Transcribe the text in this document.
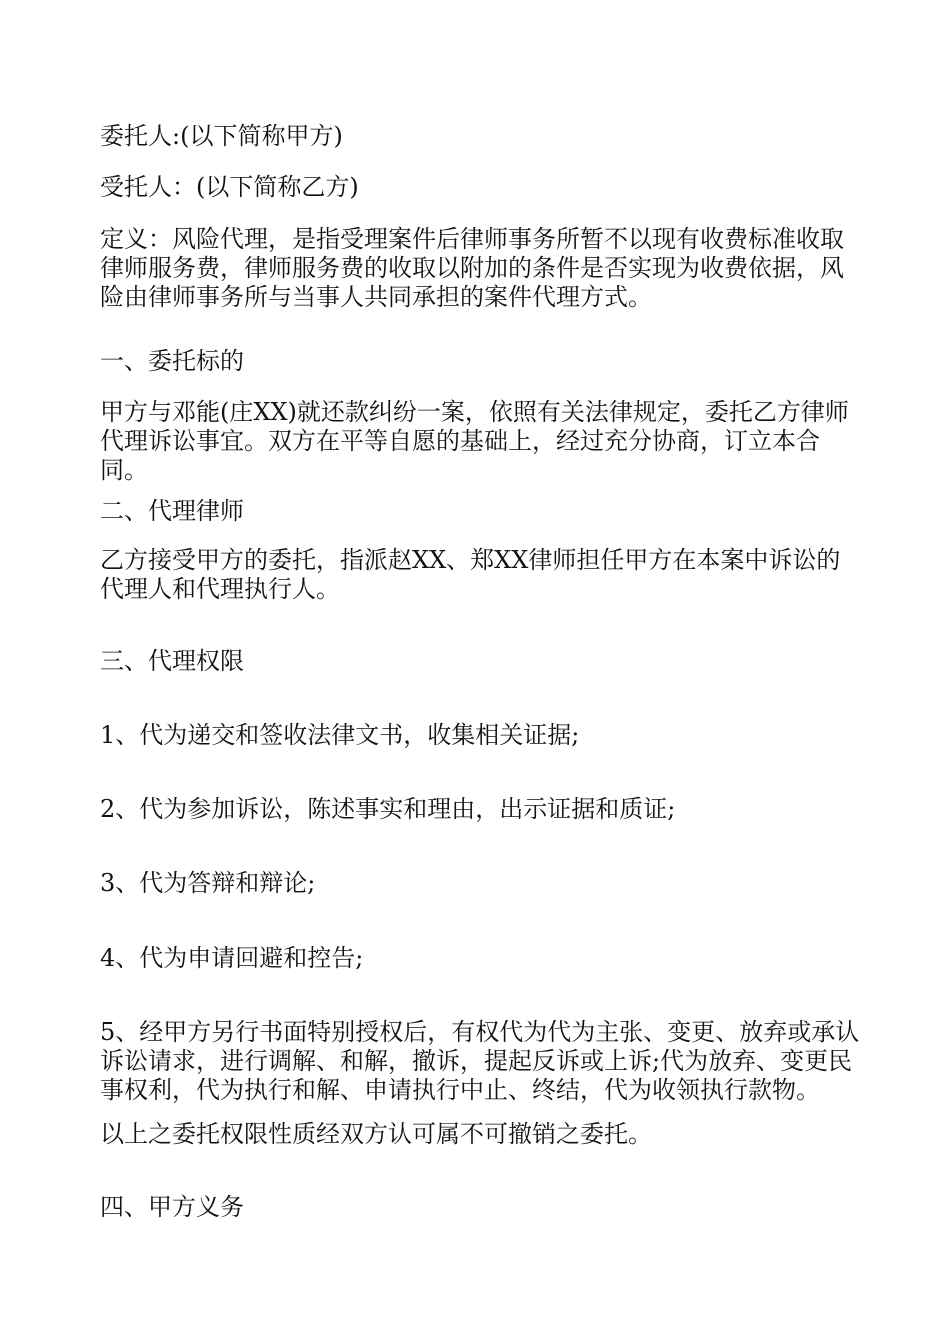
委托人:(以下简称甲方)

受托人：(以下简称乙方)

定义：风险代理，是指受理案件后律师事务所暂不以现有收费标准收取律师服务费，律师服务费的收取以附加的条件是否实现为收费依据，风险由律师事务所与当事人共同承担的案件代理方式。

一、委托标的

甲方与邓能(庄XX)就还款纠纷一案，依照有关法律规定，委托乙方律师代理诉讼事宜。双方在平等自愿的基础上，经过充分协商，订立本合同。

二、代理律师

乙方接受甲方的委托，指派赵XX、郑XX律师担任甲方在本案中诉讼的代理人和代理执行人。

三、代理权限

1、代为递交和签收法律文书，收集相关证据;

2、代为参加诉讼，陈述事实和理由，出示证据和质证;

3、代为答辩和辩论;

4、代为申请回避和控告;

5、经甲方另行书面特别授权后，有权代为代为主张、变更、放弃或承认诉讼请求，进行调解、和解，撤诉，提起反诉或上诉;代为放弃、变更民事权利，代为执行和解、申请执行中止、终结，代为收领执行款物。

以上之委托权限性质经双方认可属不可撤销之委托。

四、甲方义务
